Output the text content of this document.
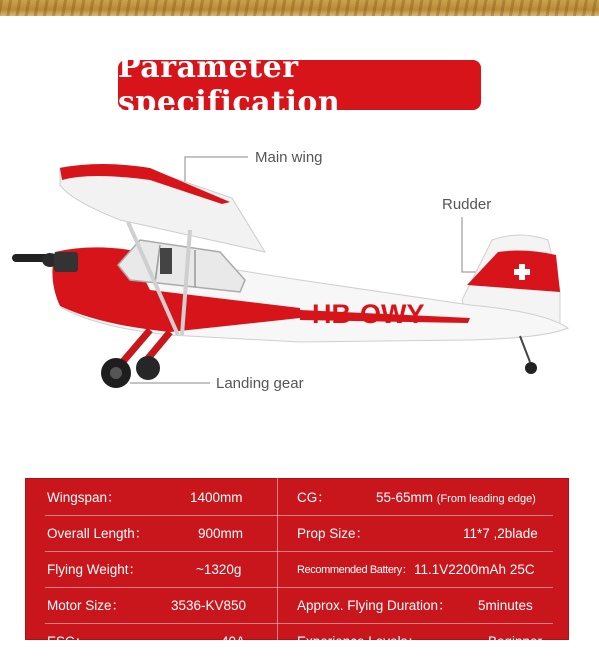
Parameter specification
HB-OWY
Main wing
Rudder
Landing gear
Wingspan：	1400mm	CG：	55-65mm (From leading edge)
Overall Length：	900mm	Prop Size：	11*7 ,2blade
Flying Weight：	~1320g	Recommended Battery： 11.1V2200mAh 25C
Motor Size：	3536-KV850	Approx. Flying Duration： 5minutes
ESC：	40A	Experience Levels：	Beginner
